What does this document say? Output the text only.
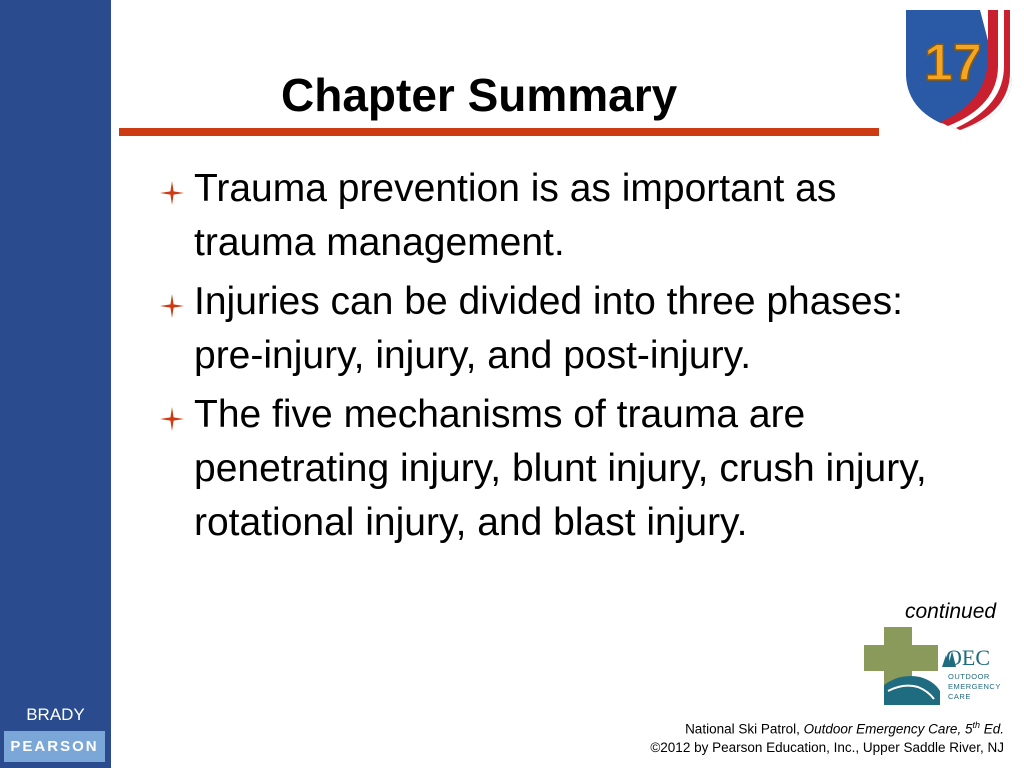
BRADY
PEARSON
Chapter Summary
17
Trauma prevention is as important as trauma management.
Injuries can be divided into three phases: pre-injury, injury, and post-injury.
The five mechanisms of trauma are penetrating injury, blunt injury, crush injury, rotational injury, and blast injury.
continued
OEC
OUTDOOR
EMERGENCY
CARE
National Ski Patrol, Outdoor Emergency Care, 5th Ed.
©2012 by Pearson Education, Inc., Upper Saddle River, NJ
